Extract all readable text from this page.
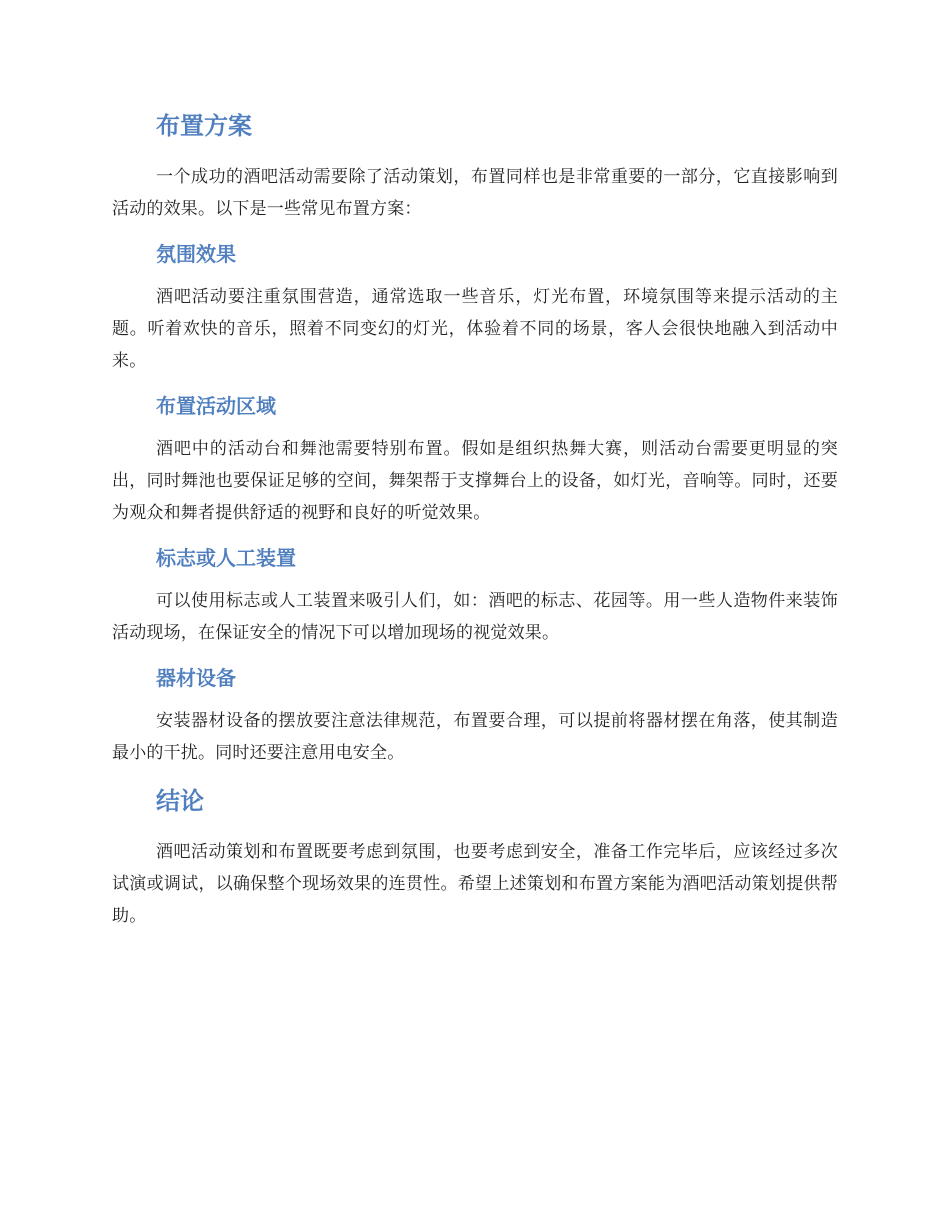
布置方案

一个成功的酒吧活动需要除了活动策划，布置同样也是非常重要的一部分，它直接影响到活动的效果。以下是一些常见布置方案：

氛围效果

酒吧活动要注重氛围营造，通常选取一些音乐，灯光布置，环境氛围等来提示活动的主题。听着欢快的音乐，照着不同变幻的灯光，体验着不同的场景，客人会很快地融入到活动中来。

布置活动区域

酒吧中的活动台和舞池需要特别布置。假如是组织热舞大赛，则活动台需要更明显的突出，同时舞池也要保证足够的空间，舞架帮于支撑舞台上的设备，如灯光，音响等。同时，还要为观众和舞者提供舒适的视野和良好的听觉效果。

标志或人工装置

可以使用标志或人工装置来吸引人们，如：酒吧的标志、花园等。用一些人造物件来装饰活动现场，在保证安全的情况下可以增加现场的视觉效果。

器材设备

安装器材设备的摆放要注意法律规范，布置要合理，可以提前将器材摆在角落，使其制造最小的干扰。同时还要注意用电安全。

结论

酒吧活动策划和布置既要考虑到氛围，也要考虑到安全，准备工作完毕后，应该经过多次试演或调试，以确保整个现场效果的连贯性。希望上述策划和布置方案能为酒吧活动策划提供帮助。
